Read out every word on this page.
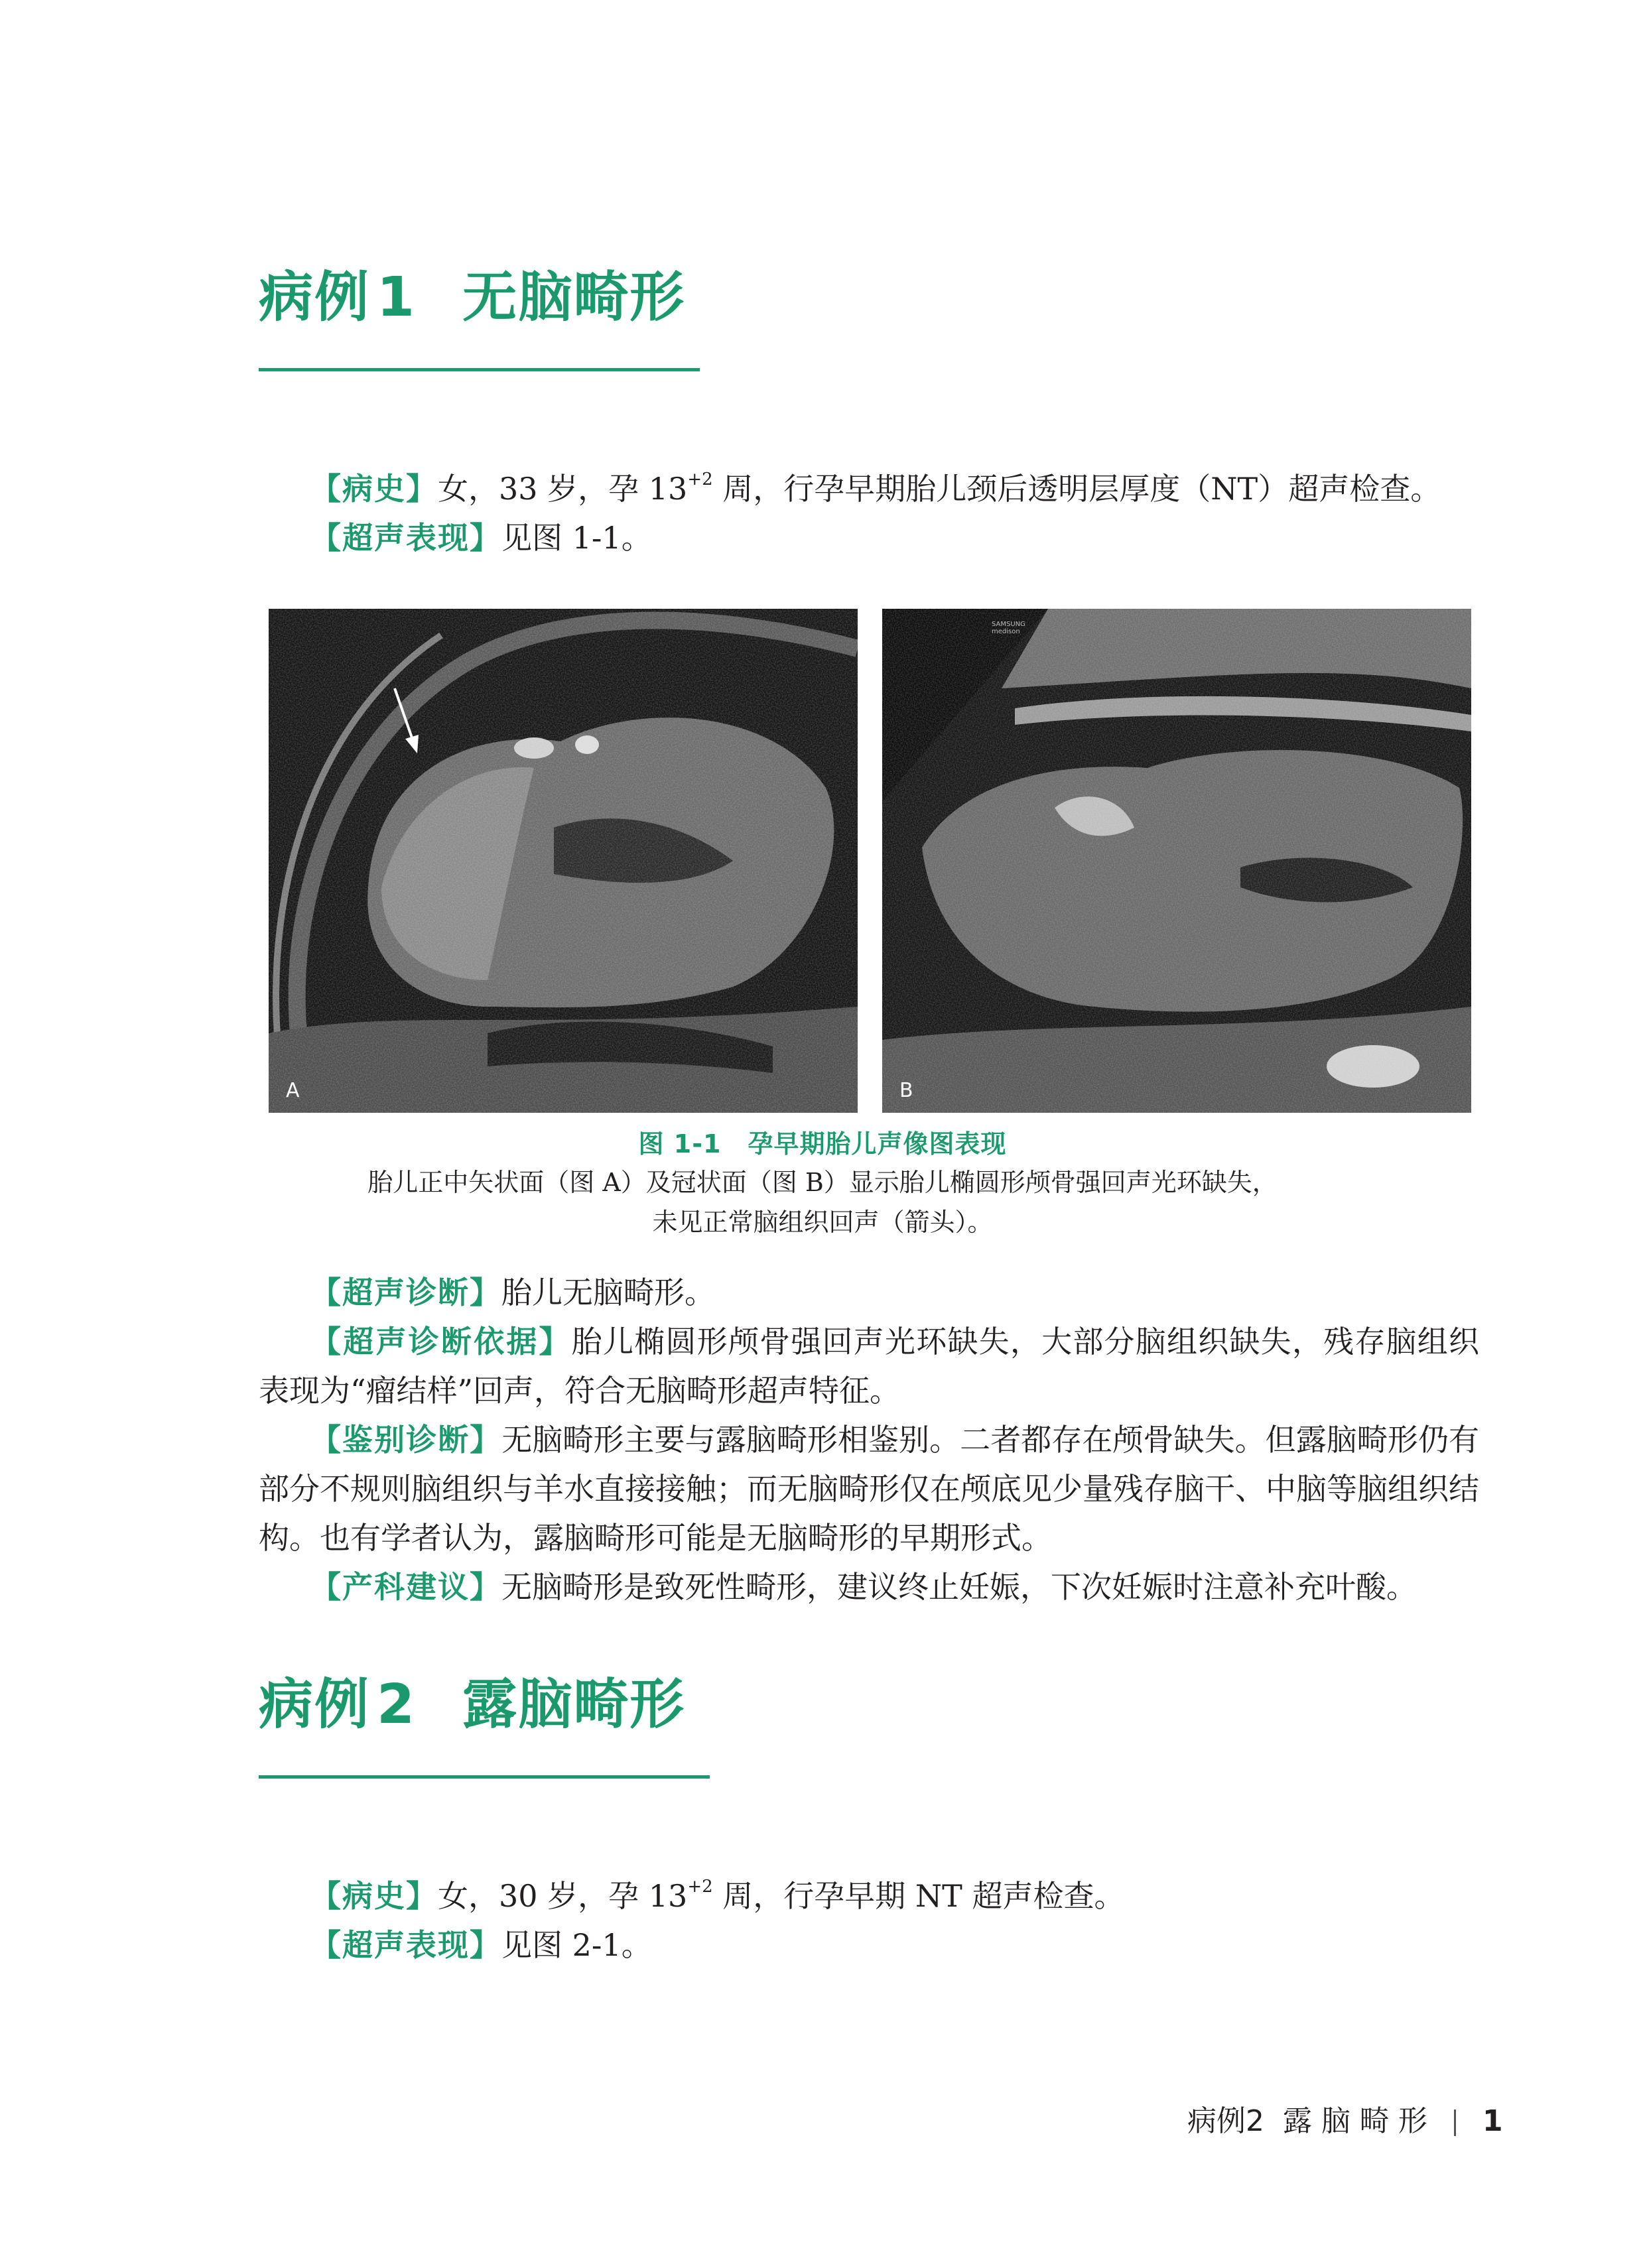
病例 1 无脑畸形

【病史】女，33 岁，孕 $13^{+2}$ 周，行孕早期胎儿颈后透明层厚度（NT）超声检查。

【超声表现】见图 1-1。

A
SAMSUNG
medison
B

图 1-1 孕早期胎儿声像图表现

胎儿正中矢状面（图 A）及冠状面（图 B）显示胎儿椭圆形颅骨强回声光环缺失，

未见正常脑组织回声（箭头）。

【超声诊断】胎儿无脑畸形。

【超声诊断依据】胎儿椭圆形颅骨强回声光环缺失，大部分脑组织缺失，残存脑组织表现为“瘤结样”回声，符合无脑畸形超声特征。

【鉴别诊断】无脑畸形主要与露脑畸形相鉴别。二者都存在颅骨缺失。但露脑畸形仍有部分不规则脑组织与羊水直接接触；而无脑畸形仅在颅底见少量残存脑干、中脑等脑组织结构。也有学者认为，露脑畸形可能是无脑畸形的早期形式。

【产科建议】无脑畸形是致死性畸形，建议终止妊娠，下次妊娠时注意补充叶酸。

病例 2 露脑畸形

【病史】女，30 岁，孕 $13^{+2}$ 周，行孕早期 NT 超声检查。

【超声表现】见图 2-1。

病例2  露 脑 畸 形 1
